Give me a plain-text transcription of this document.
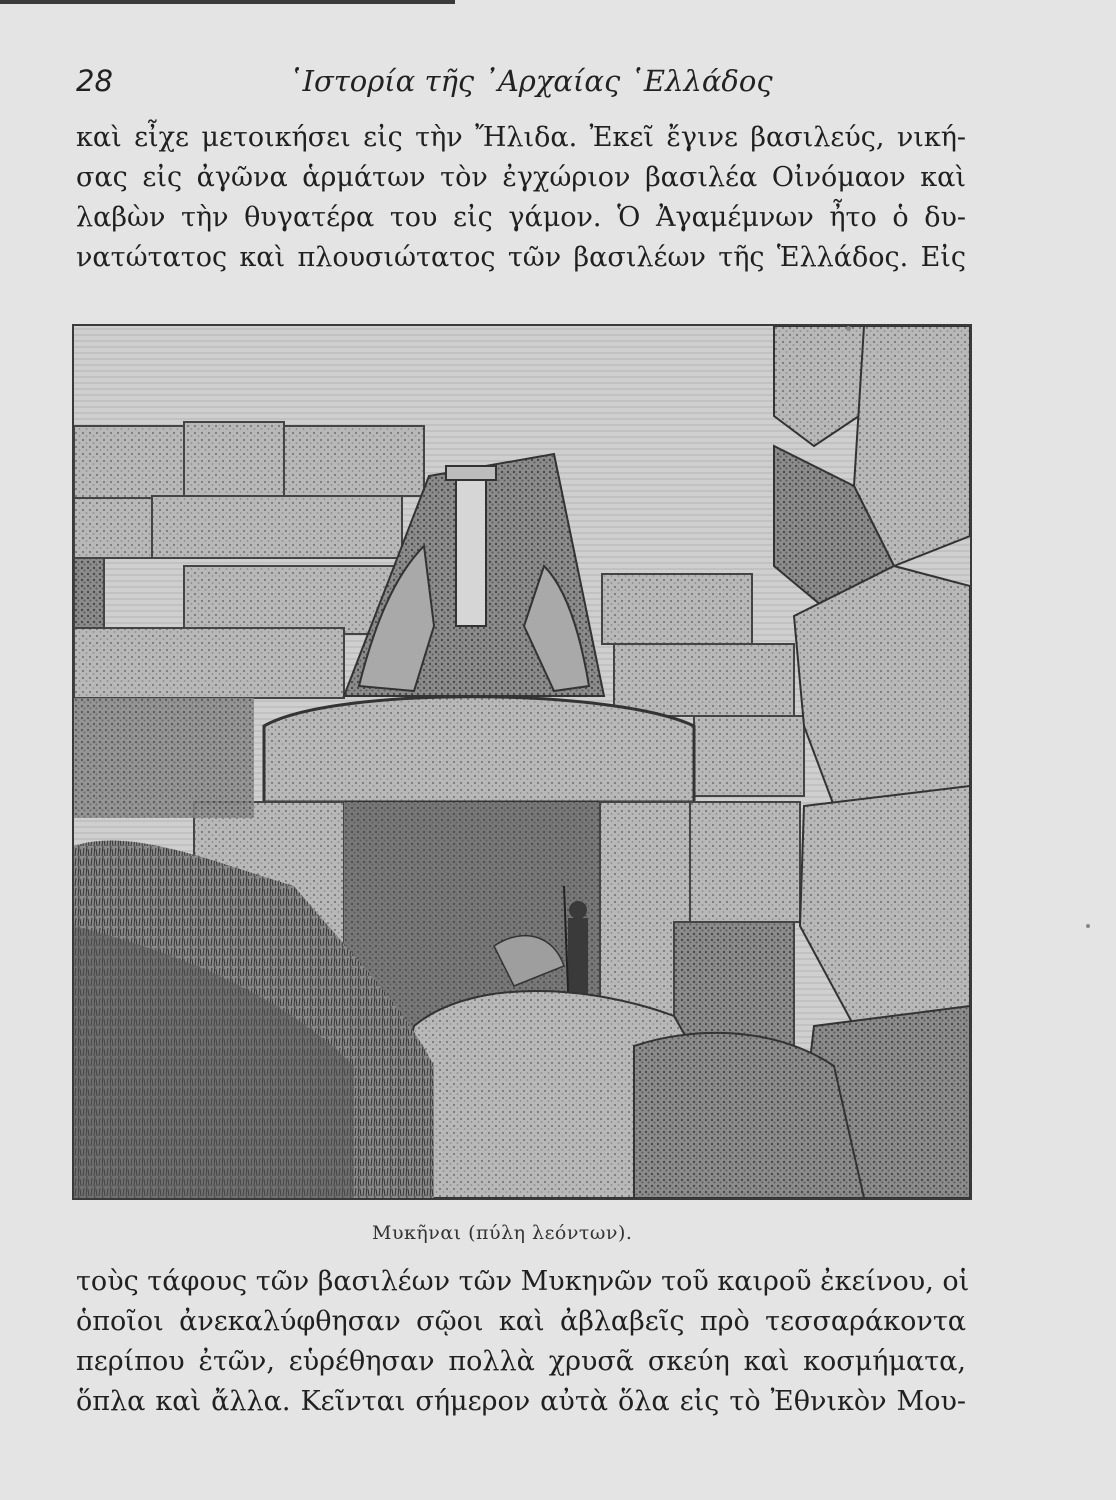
28	῾Ιστορία τῆς ᾿Αρχαίας ῾Ελλάδος
καὶ εἶχε μετοικήσει εἰς τὴν Ἤλιδα. Ἐκεῖ ἔγινε βασιλεύς, νική-
σας εἰς ἀγῶνα ἁρμάτων τὸν ἐγχώριον βασιλέα Οἰνόμαον καὶ
λαβὼν τὴν θυγατέρα του εἰς γάμον. Ὁ Ἀγαμέμνων ἦτο ὁ δυ-
νατώτατος καὶ πλουσιώτατος τῶν βασιλέων τῆς Ἑλλάδος. Εἰς
Μυκῆναι (πύλη λεόντων).
τοὺς τάφους τῶν βασιλέων τῶν Μυκηνῶν τοῦ καιροῦ ἐκείνου, οἱ
ὁποῖοι ἀνεκαλύφθησαν σῷοι καὶ ἀβλαβεῖς πρὸ τεσσαράκοντα
περίπου ἐτῶν, εὑρέθησαν πολλὰ χρυσᾶ σκεύη καὶ κοσμήματα,
ὅπλα καὶ ἄλλα. Κεῖνται σήμερον αὐτὰ ὅλα εἰς τὸ Ἐθνικὸν Μου-
